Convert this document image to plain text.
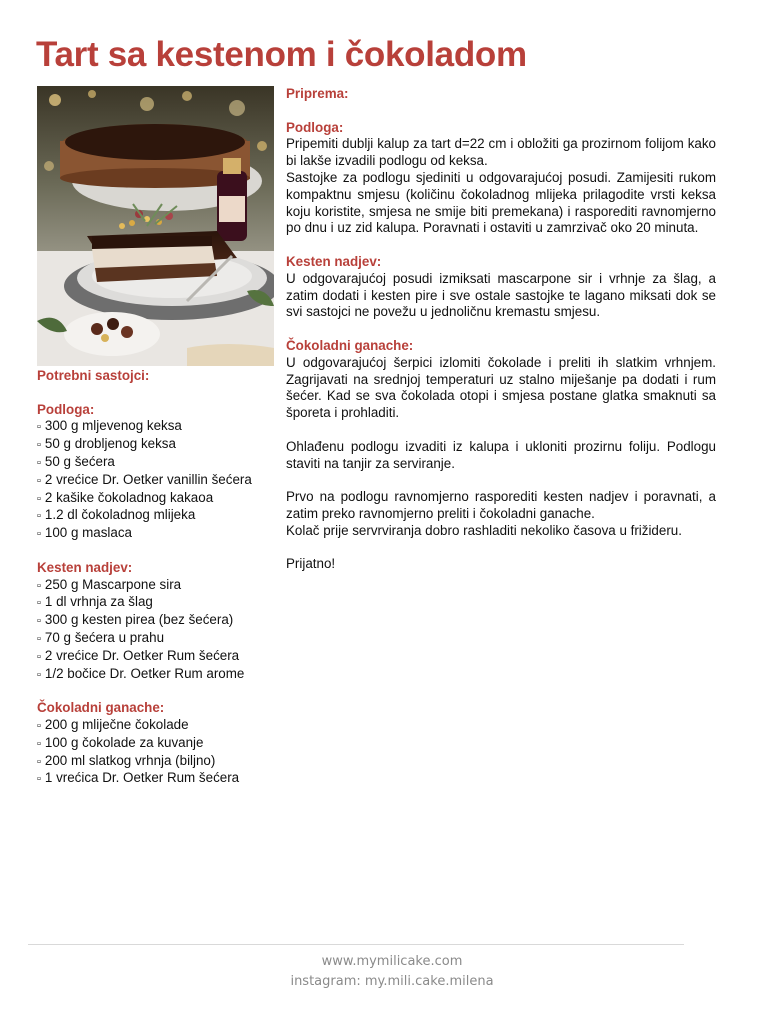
Tart sa kestenom i čokoladom
Potrebni sastojci:
Podloga:
▫ 300 g mljevenog keksa
▫ 50 g drobljenog keksa
▫ 50 g šećera
▫ 2 vrećice Dr. Oetker vanillin šećera
▫ 2 kašike čokoladnog kakaoa
▫ 1.2 dl čokoladnog mlijeka
▫ 100 g maslaca
Kesten nadjev:
▫ 250 g Mascarpone sira
▫ 1 dl vrhnja za šlag
▫ 300 g kesten pirea (bez šećera)
▫ 70 g šećera u prahu
▫ 2 vrećice Dr. Oetker Rum šećera
▫ 1/2 bočice Dr. Oetker Rum arome
Čokoladni ganache:
▫ 200 g mliječne čokolade
▫ 100 g čokolade za kuvanje
▫ 200 ml slatkog vrhnja (biljno)
▫ 1 vrećica Dr. Oetker Rum šećera
Priprema:
Podloga:

Pripemiti dublji kalup za tart d=22 cm i obložiti ga prozirnom folijom kako bi lakše izvadili podlogu od keksa.

Sastojke za podlogu sjediniti u odgovarajućoj posudi. Zamijesiti rukom kompaktnu smjesu (količinu čokoladnog mlijeka prilagodite vrsti keksa koju koristite, smjesa ne smije biti premekana) i rasporediti ravnomjerno po dnu i uz zid kalupa. Poravnati i ostaviti u zamrzivač oko 20 minuta.

Kesten nadjev:

U odgovarajućoj posudi izmiksati mascarpone sir i vrhnje za šlag, a zatim dodati i kesten pire i sve ostale sastojke te lagano miksati dok se svi sastojci ne povežu u jednoličnu kremastu smjesu.

Čokoladni ganache:

U odgovarajućoj šerpici izlomiti čokolade i preliti ih slatkim vrhnjem. Zagrijavati na srednjoj temperaturi uz stalno miješanje pa dodati i rum šećer. Kad se sva čokolada otopi i smjesa postane glatka smaknuti sa šporeta i prohladiti.

Ohlađenu podlogu izvaditi iz kalupa i ukloniti prozirnu foliju. Podlogu staviti na tanjir za serviranje.

Prvo na podlogu ravnomjerno rasporediti kesten nadjev i poravnati, a zatim preko ravnomjerno preliti i čokoladni ganache.

Kolač prije servrviranja dobro rashladiti nekoliko časova u frižideru.

Prijatno!

www.mymilicake.com
instagram: my.mili.cake.milena
